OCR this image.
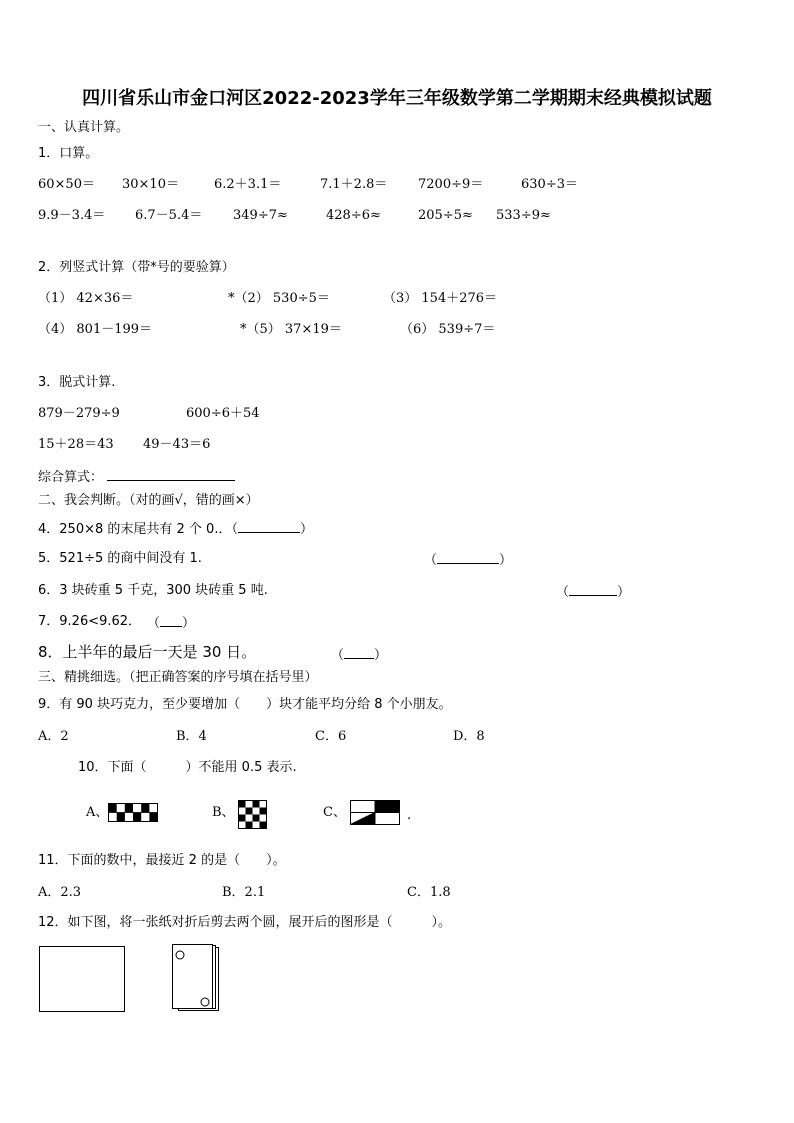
四川省乐山市金口河区2022-2023学年三年级数学第二学期期末经典模拟试题
一、认真计算。
1．口算。
60×50＝ 30×10＝	6.2＋3.1＝	7.1＋2.8＝ 7200÷9＝	630÷3＝
9.9－3.4＝ 6.7－5.4＝ 349÷7≈	428÷6≈	205÷5≈ 533÷9≈
2．列竖式计算（带*号的要验算）
（1） 42×36＝	*（2） 530÷5＝	（3） 154＋276＝
（4） 801－199＝	*（5） 37×19＝	（6） 539÷7＝
3．脱式计算.
879－279÷9	600÷6＋54
15＋28＝43 49－43＝6
综合算式：
二、我会判断。（对的画√，错的画×）
4．250×8 的末尾共有 2 个 0.．（	）
5．521÷5 的商中间没有 1.	（	）
6．3 块砖重 5 千克，300 块砖重 5 吨.	（	）
7．9.26<9.62． （ ）
8．上半年的最后一天是 30 日。	（ ）
三、精挑细选。（把正确答案的序号填在括号里）
9．有 90 块巧克力，至少要增加（　　）块才能平均分给 8 个小朋友。
A．2	B．4	C．6	D．8
10．下面（　　　）不能用 0.5 表示.
A、	B、	C、	.
11．下面的数中，最接近 2 的是（　　）。
A．2.3	B．2.1	C．1.8
12．如下图，将一张纸对折后剪去两个圆，展开后的图形是（　　　）。
